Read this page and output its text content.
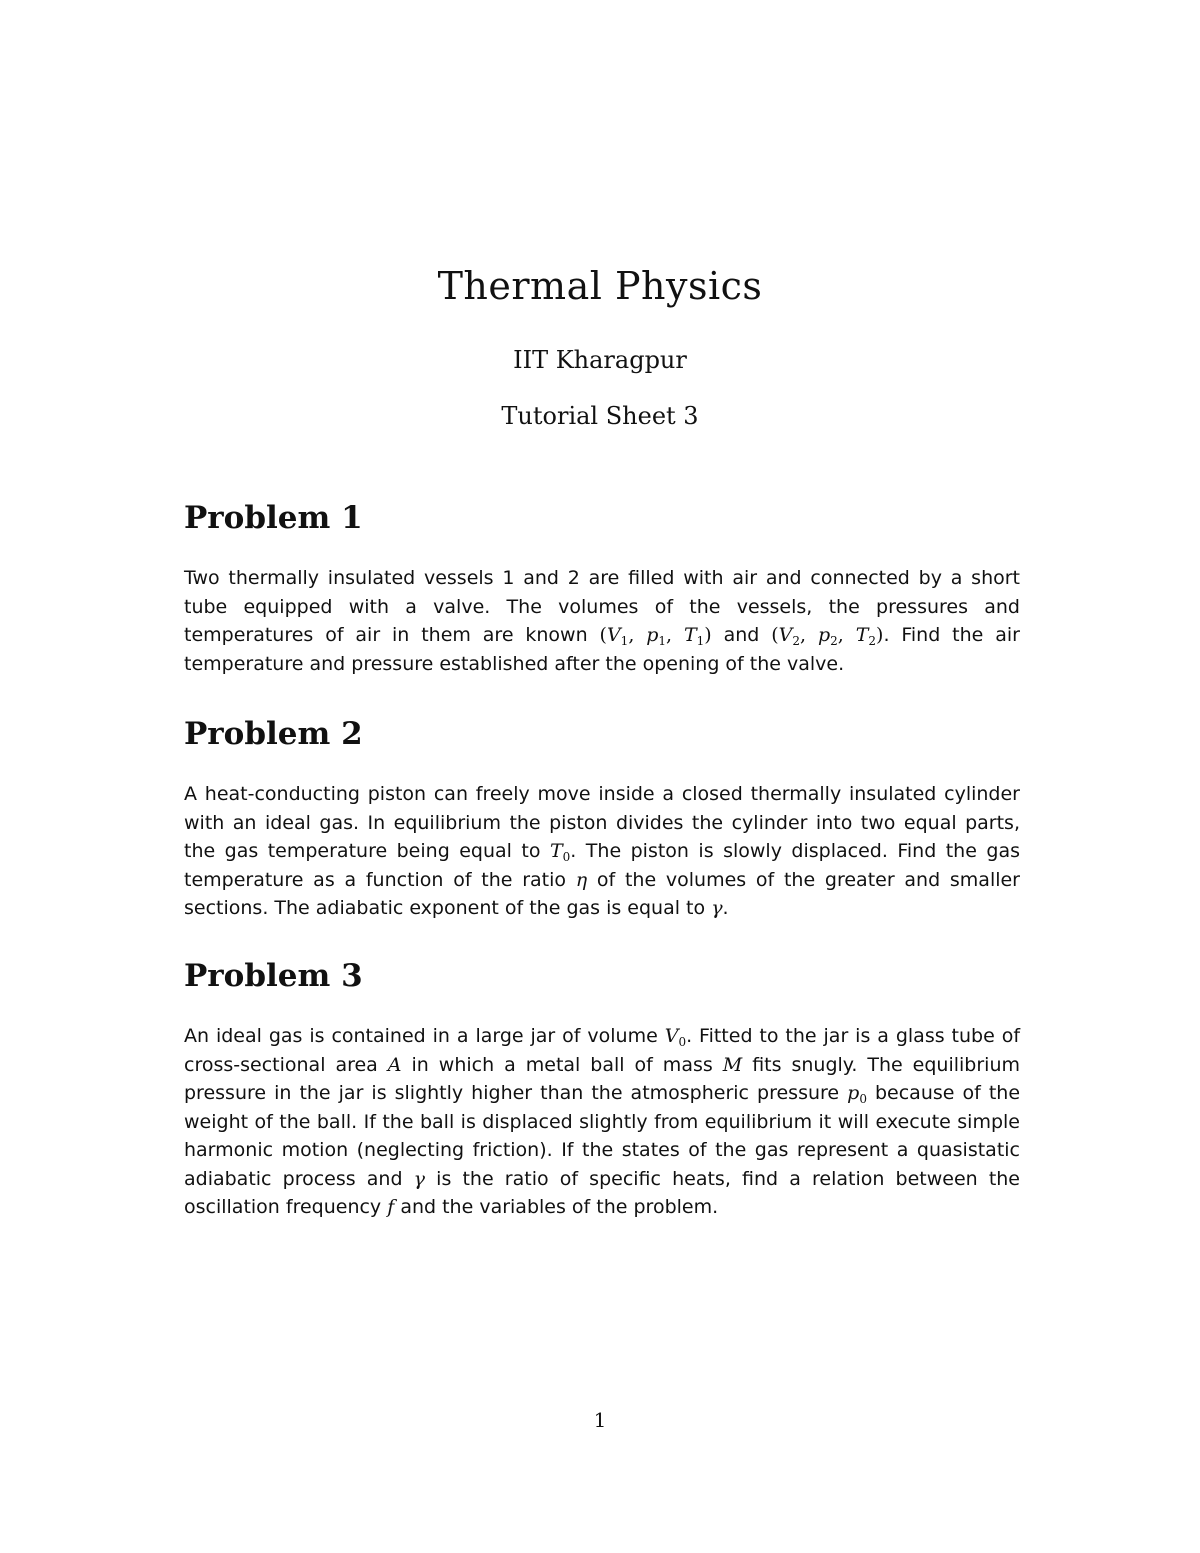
Thermal Physics

IIT Kharagpur

Tutorial Sheet 3

Problem 1

Two thermally insulated vessels 1 and 2 are filled with air and connected by a short tube equipped with a valve. The volumes of the vessels, the pressures and temperatures of air in them are known ($V_1$, $p_1$, $T_1$) and ($V_2$, $p_2$, $T_2$). Find the air temperature and pressure established after the opening of the valve.

Problem 2

A heat-conducting piston can freely move inside a closed thermally insulated cylinder with an ideal gas. In equilibrium the piston divides the cylinder into two equal parts, the gas temperature being equal to $T_0$. The piston is slowly displaced. Find the gas temperature as a function of the ratio η of the volumes of the greater and smaller sections. The adiabatic exponent of the gas is equal to γ.

Problem 3

An ideal gas is contained in a large jar of volume $V_0$. Fitted to the jar is a glass tube of cross-sectional area A in which a metal ball of mass M fits snugly. The equilibrium pressure in the jar is slightly higher than the atmospheric pressure $p_0$ because of the weight of the ball. If the ball is displaced slightly from equilibrium it will execute simple harmonic motion (neglecting friction). If the states of the gas represent a quasistatic adiabatic process and γ is the ratio of specific heats, find a relation between the oscillation frequency f and the variables of the problem.

1
